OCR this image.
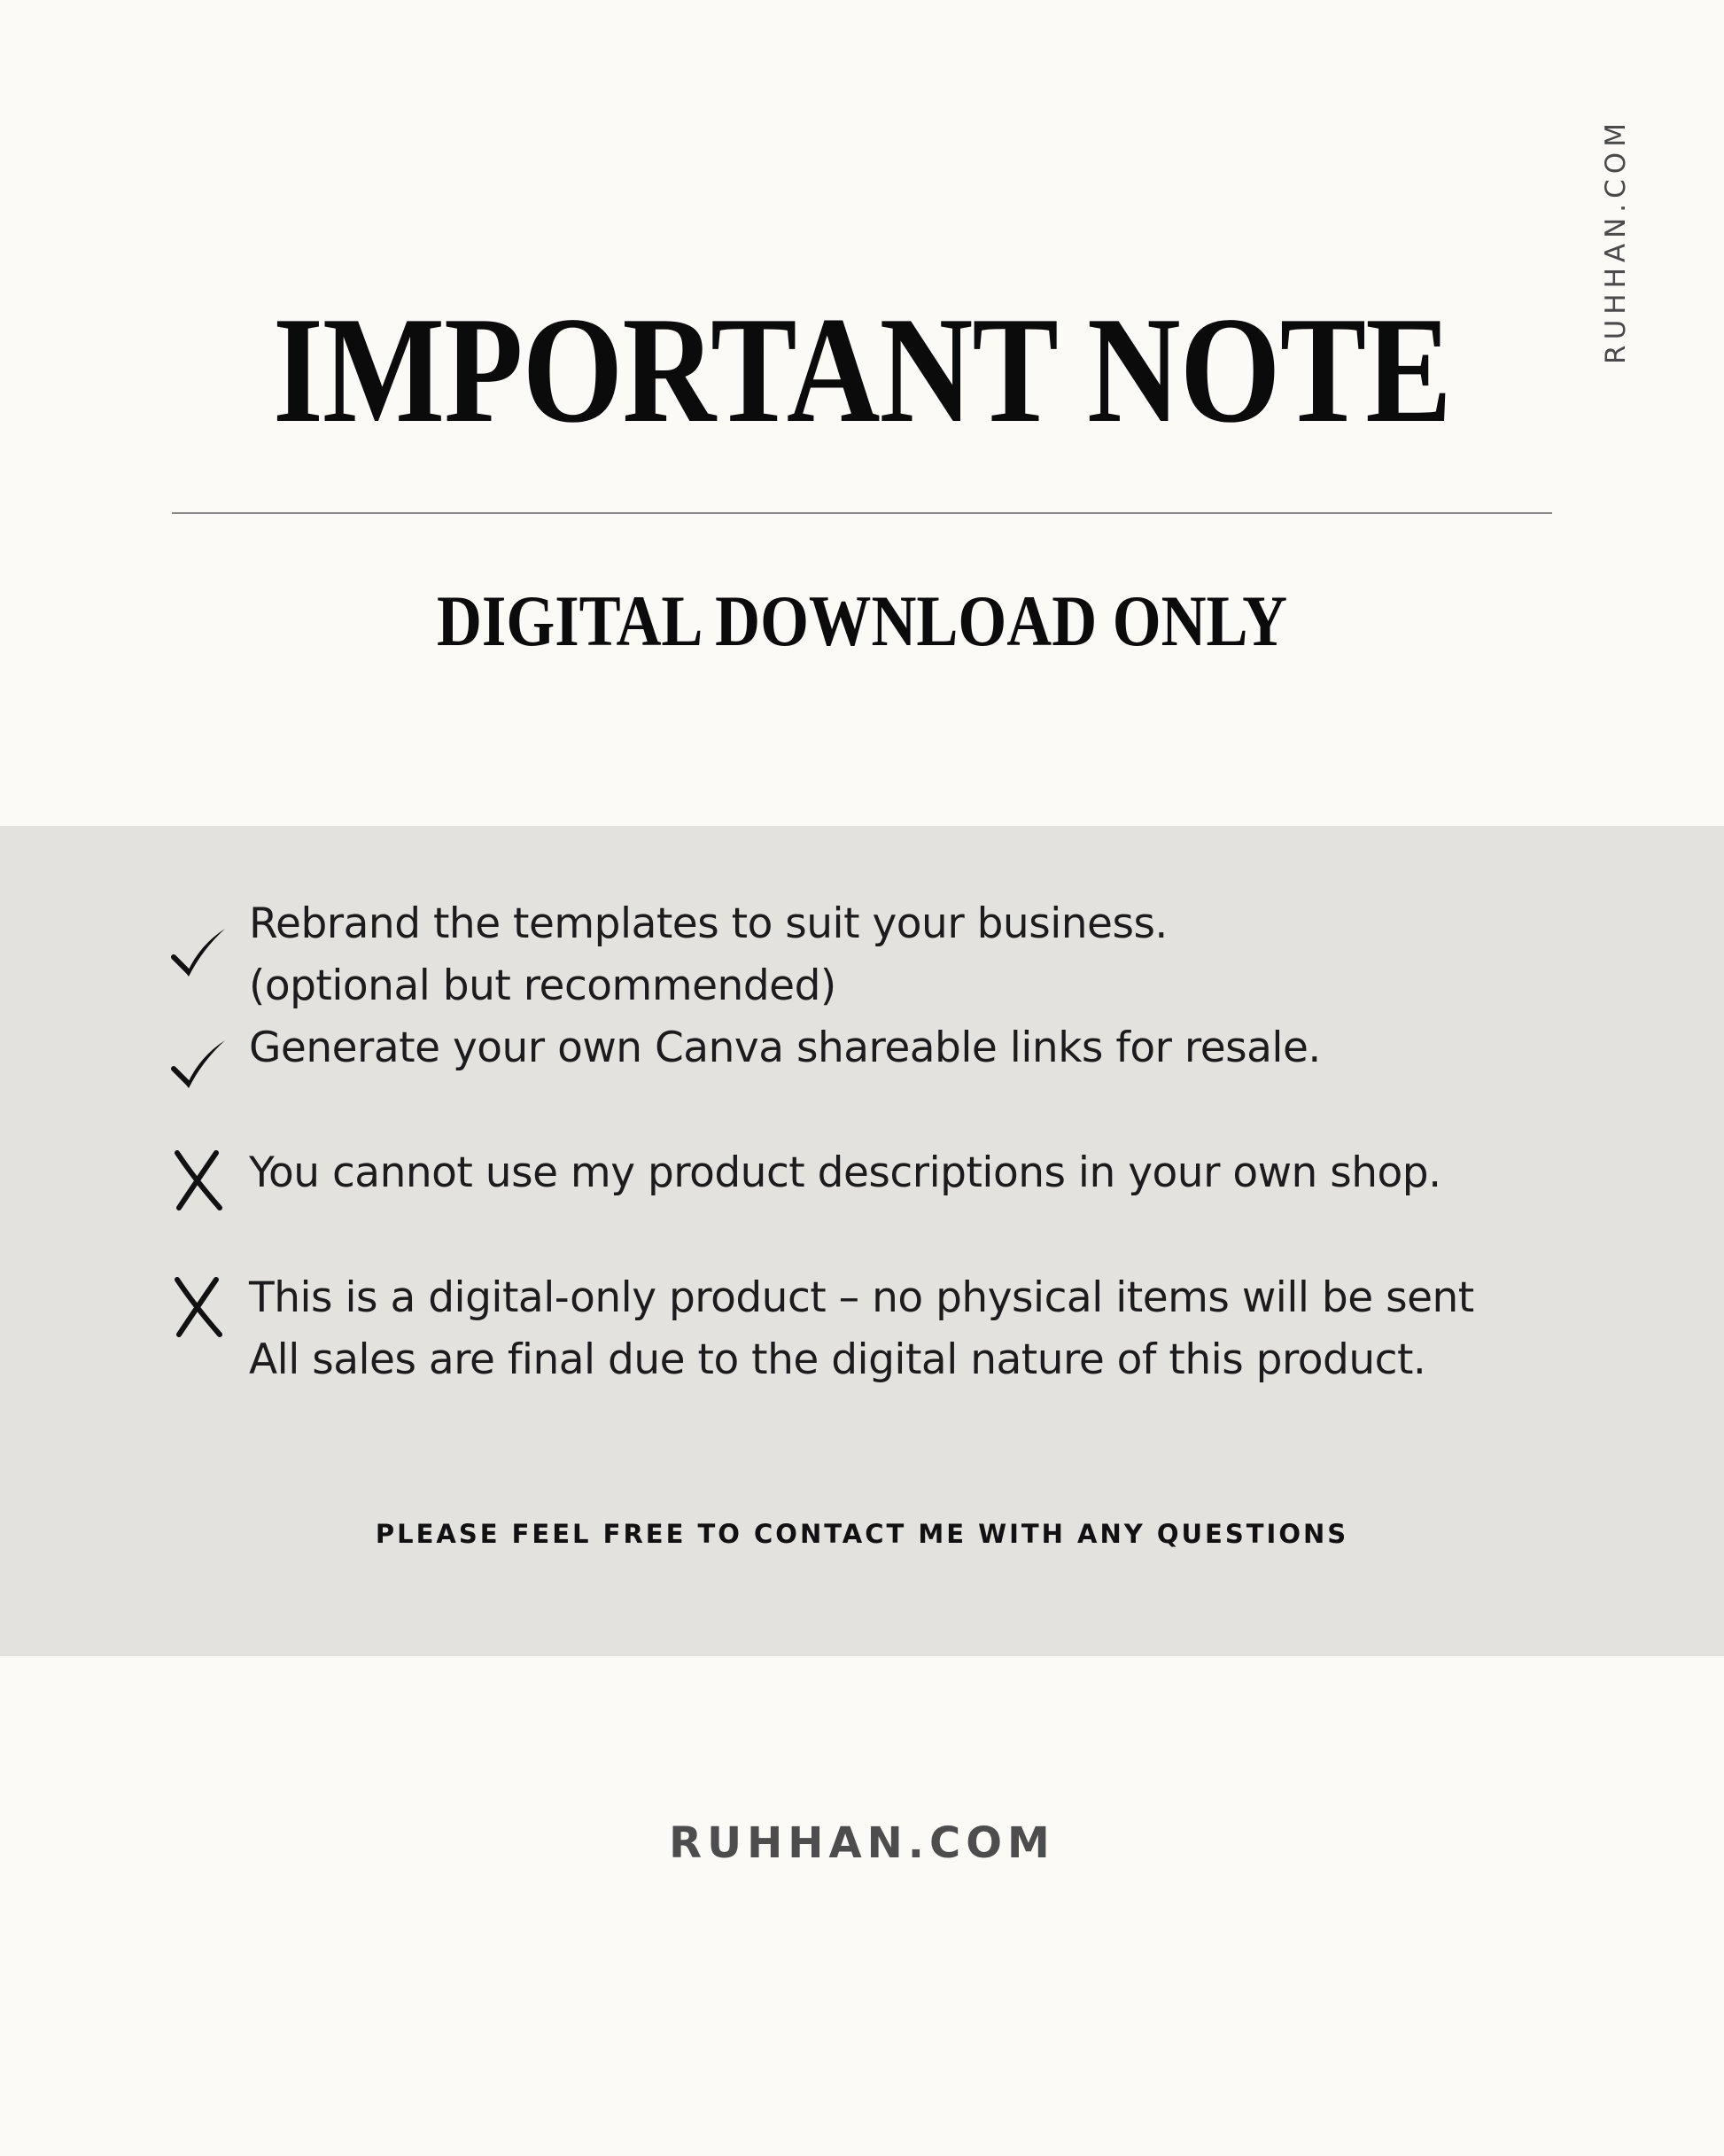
RUHHAN.COM
IMPORTANT NOTE
DIGITAL DOWNLOAD ONLY
Rebrand the templates to suit your business.
(optional but recommended)
Generate your own Canva shareable links for resale.
You cannot use my product descriptions in your own shop.
This is a digital-only product – no physical items will be sent
All sales are final due to the digital nature of this product.
PLEASE FEEL FREE TO CONTACT ME WITH ANY QUESTIONS
RUHHAN.COM
